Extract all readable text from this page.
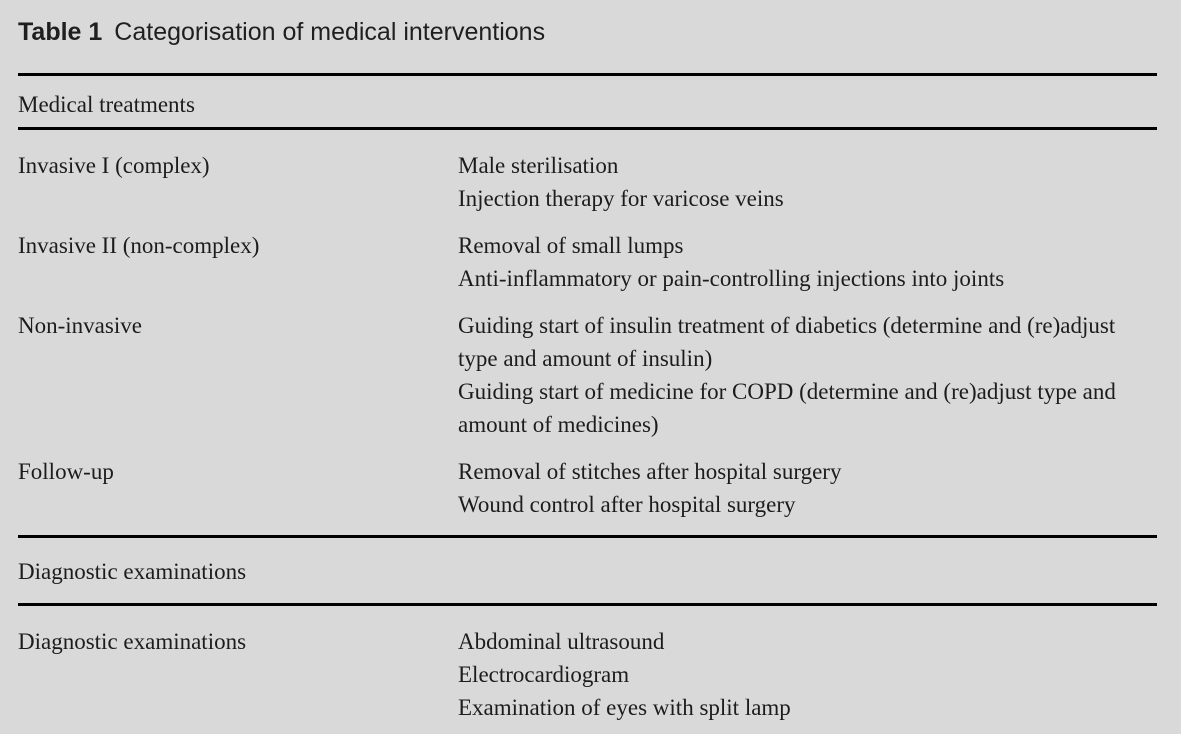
Table 1 Categorisation of medical interventions
Medical treatments
Invasive I (complex)	Male sterilisation
Injection therapy for varicose veins
Invasive II (non-complex)	Removal of small lumps
Anti-inflammatory or pain-controlling injections into joints
Non-invasive	Guiding start of insulin treatment of diabetics (determine and (re)adjust type and amount of insulin)
Guiding start of medicine for COPD (determine and (re)adjust type and amount of medicines)
Follow-up	Removal of stitches after hospital surgery
Wound control after hospital surgery
Diagnostic examinations
Diagnostic examinations	Abdominal ultrasound
Electrocardiogram
Examination of eyes with split lamp
